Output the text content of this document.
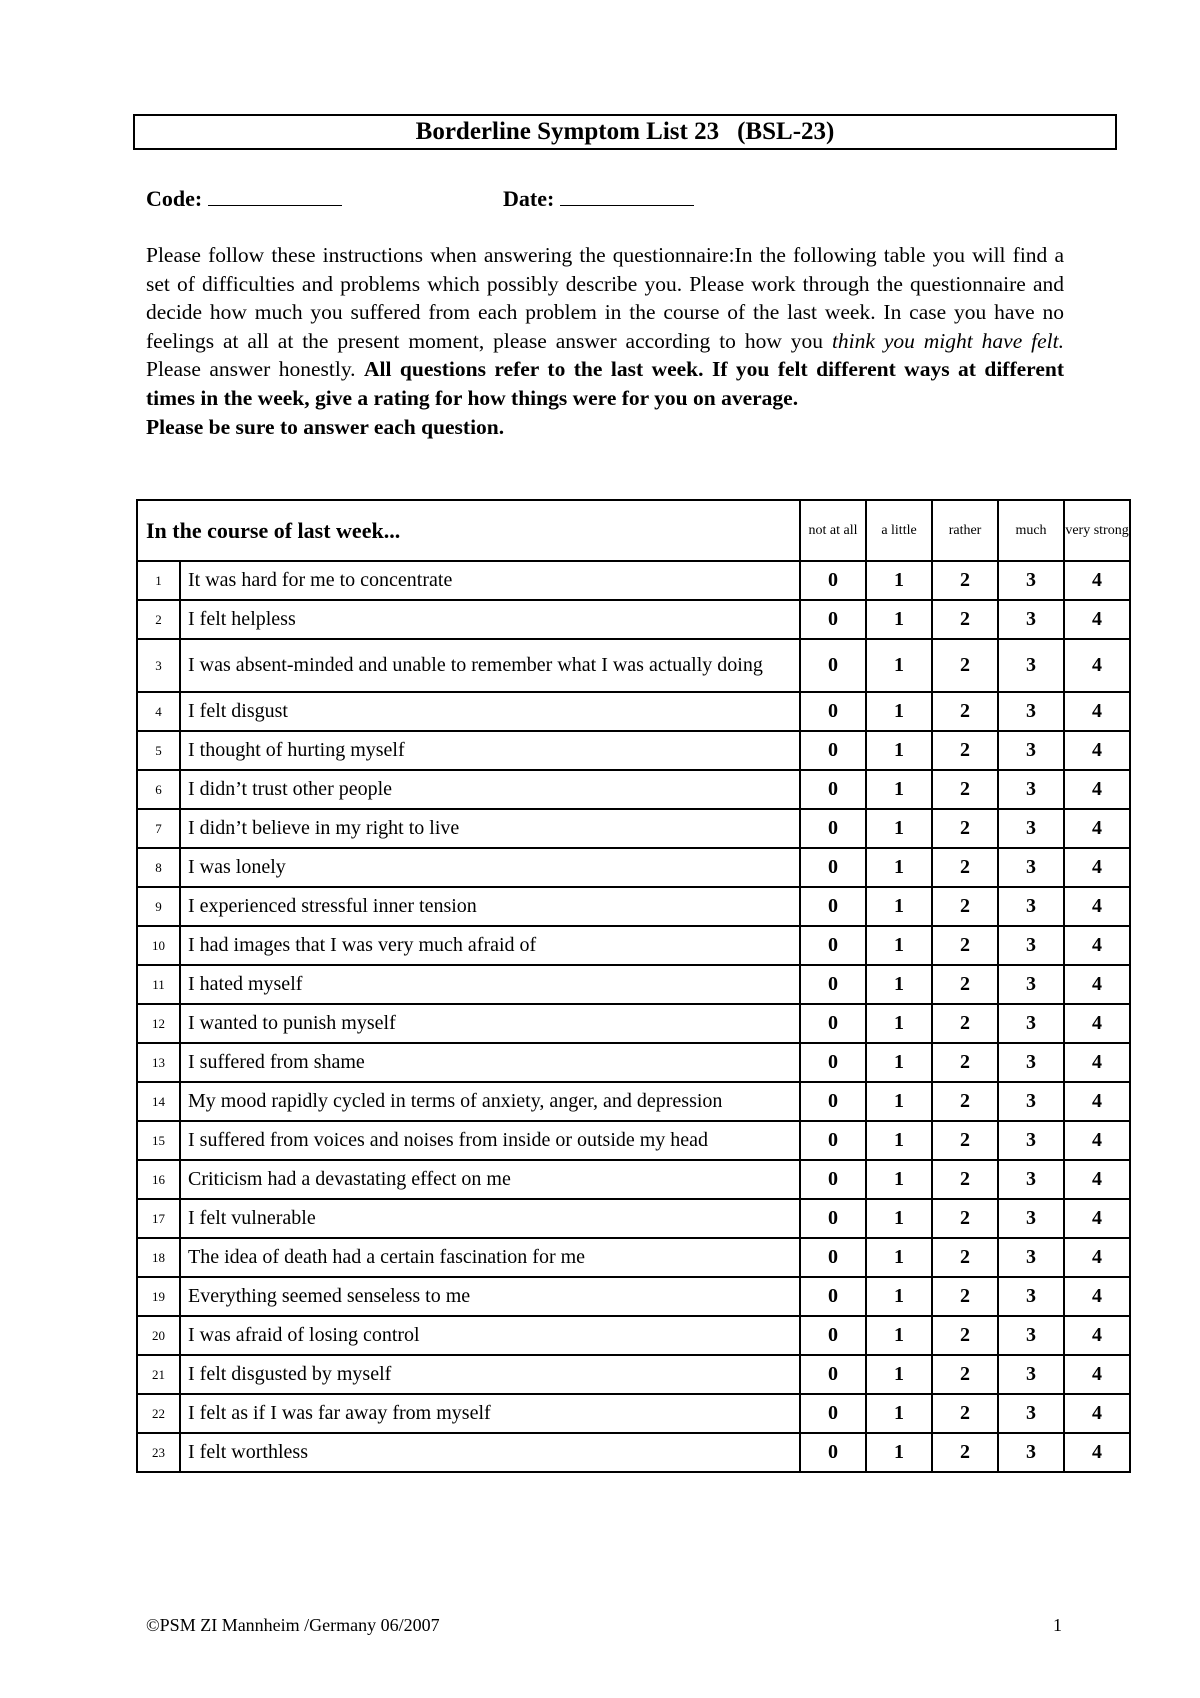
Borderline Symptom List 23 (BSL-23)
Code:	Date:

Please follow these instructions when answering the questionnaire:In the following table you will find a set of difficulties and problems which possibly describe you. Please work through the questionnaire and decide how much you suffered from each problem in the course of the last week. In case you have no feelings at all at the present moment, please answer according to how you think you might have felt. Please answer honestly. All questions refer to the last week. If you felt different ways at different times in the week, give a rating for how things were for you on average.

Please be sure to answer each question.

In the course of last week...		not at all	a little	rather	much	very strong
1	It was hard for me to concentrate	0	1	2	3	4
2	I felt helpless	0	1	2	3	4
3	I was absent-minded and unable to remember what I was actually doing	0	1	2	3	4
4	I felt disgust	0	1	2	3	4
5	I thought of hurting myself	0	1	2	3	4
6	I didn’t trust other people	0	1	2	3	4
7	I didn’t believe in my right to live	0	1	2	3	4
8	I was lonely	0	1	2	3	4
9	I experienced stressful inner tension	0	1	2	3	4
10	I had images that I was very much afraid of	0	1	2	3	4
11	I hated myself	0	1	2	3	4
12	I wanted to punish myself	0	1	2	3	4
13	I suffered from shame	0	1	2	3	4
14	My mood rapidly cycled in terms of anxiety, anger, and depression	0	1	2	3	4
15	I suffered from voices and noises from inside or outside my head	0	1	2	3	4
16	Criticism had a devastating effect on me	0	1	2	3	4
17	I felt vulnerable	0	1	2	3	4
18	The idea of death had a certain fascination for me	0	1	2	3	4
19	Everything seemed senseless to me	0	1	2	3	4
20	I was afraid of losing control	0	1	2	3	4
21	I felt disgusted by myself	0	1	2	3	4
22	I felt as if I was far away from myself	0	1	2	3	4
23	I felt worthless	0	1	2	3	4
©PSM ZI Mannheim /Germany 06/2007	1
